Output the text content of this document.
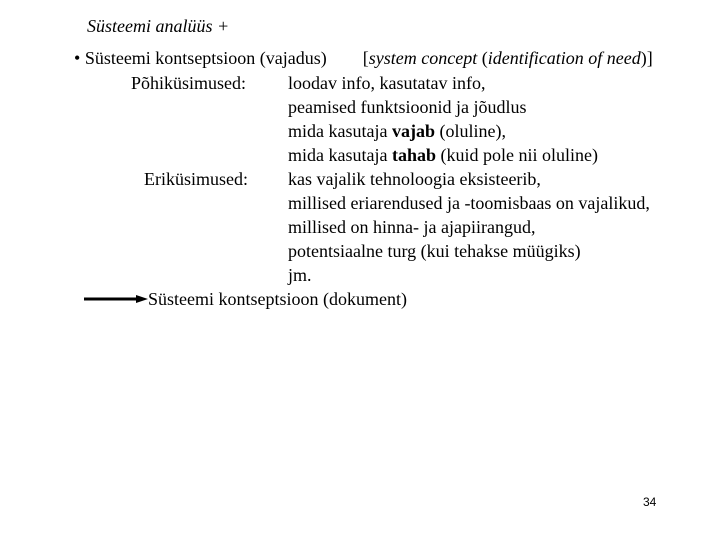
Süsteemi analüüs +
• Süsteemi kontseptsioon (vajadus) [system concept (identification of need)]
Põhiküsimused: loodav info, kasutatav info,
peamised funktsioonid ja jõudlus
mida kasutaja vajab (oluline),
mida kasutaja tahab (kuid pole nii oluline)
Eriküsimused: kas vajalik tehnoloogia eksisteerib,
millised eriarendused ja -toomisbaas on vajalikud,
millised on hinna- ja ajapiirangud,
potentsiaalne turg (kui tehakse müügiks)
jm.
Süsteemi kontseptsioon (dokument)
34
